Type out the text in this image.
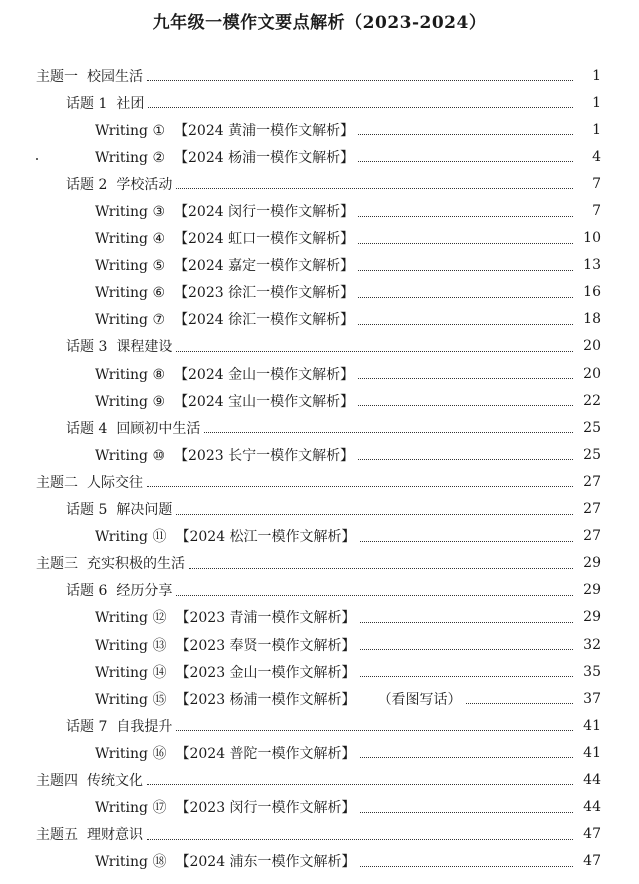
九年级一模作文要点解析（2023-2024）
主题一 校园生活	1
话题 1 社团	1
Writing ① 【2024 黄浦一模作文解析】	1
Writing ② 【2024 杨浦一模作文解析】	4
话题 2 学校活动	7
Writing ③ 【2024 闵行一模作文解析】	7
Writing ④ 【2024 虹口一模作文解析】	10
Writing ⑤ 【2024 嘉定一模作文解析】	13
Writing ⑥ 【2023 徐汇一模作文解析】	16
Writing ⑦ 【2024 徐汇一模作文解析】	18
话题 3 课程建设	20
Writing ⑧ 【2024 金山一模作文解析】	20
Writing ⑨ 【2024 宝山一模作文解析】	22
话题 4 回顾初中生活	25
Writing ⑩ 【2023 长宁一模作文解析】	25
主题二 人际交往	27
话题 5 解决问题	27
Writing ⑪ 【2024 松江一模作文解析】	27
主题三 充实积极的生活	29
话题 6 经历分享	29
Writing ⑫ 【2023 青浦一模作文解析】	29
Writing ⑬ 【2023 奉贤一模作文解析】	32
Writing ⑭ 【2023 金山一模作文解析】	35
Writing ⑮ 【2023 杨浦一模作文解析】 （看图写话）	37
话题 7 自我提升	41
Writing ⑯ 【2024 普陀一模作文解析】	41
主题四 传统文化	44
Writing ⑰ 【2023 闵行一模作文解析】	44
主题五 理财意识	47
Writing ⑱ 【2024 浦东一模作文解析】	47
